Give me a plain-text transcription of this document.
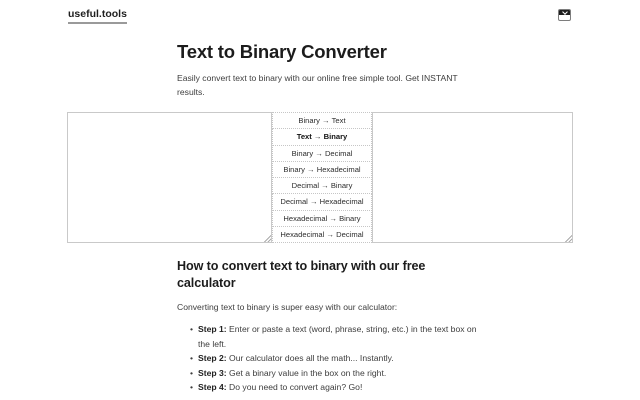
useful.tools
Text to Binary Converter

Easily convert text to binary with our online free simple tool. Get INSTANT results.

Binary → Text
Text → Binary
Binary → Decimal
Binary → Hexadecimal
Decimal → Binary
Decimal → Hexadecimal
Hexadecimal → Binary
Hexadecimal → Decimal
How to convert text to binary with our free calculator

Converting text to binary is super easy with our calculator:

• Step 1: Enter or paste a text (word, phrase, string, etc.) in the text box on the left.
• Step 2: Our calculator does all the math... Instantly.
• Step 3: Get a binary value in the box on the right.
• Step 4: Do you need to convert again? Go!
